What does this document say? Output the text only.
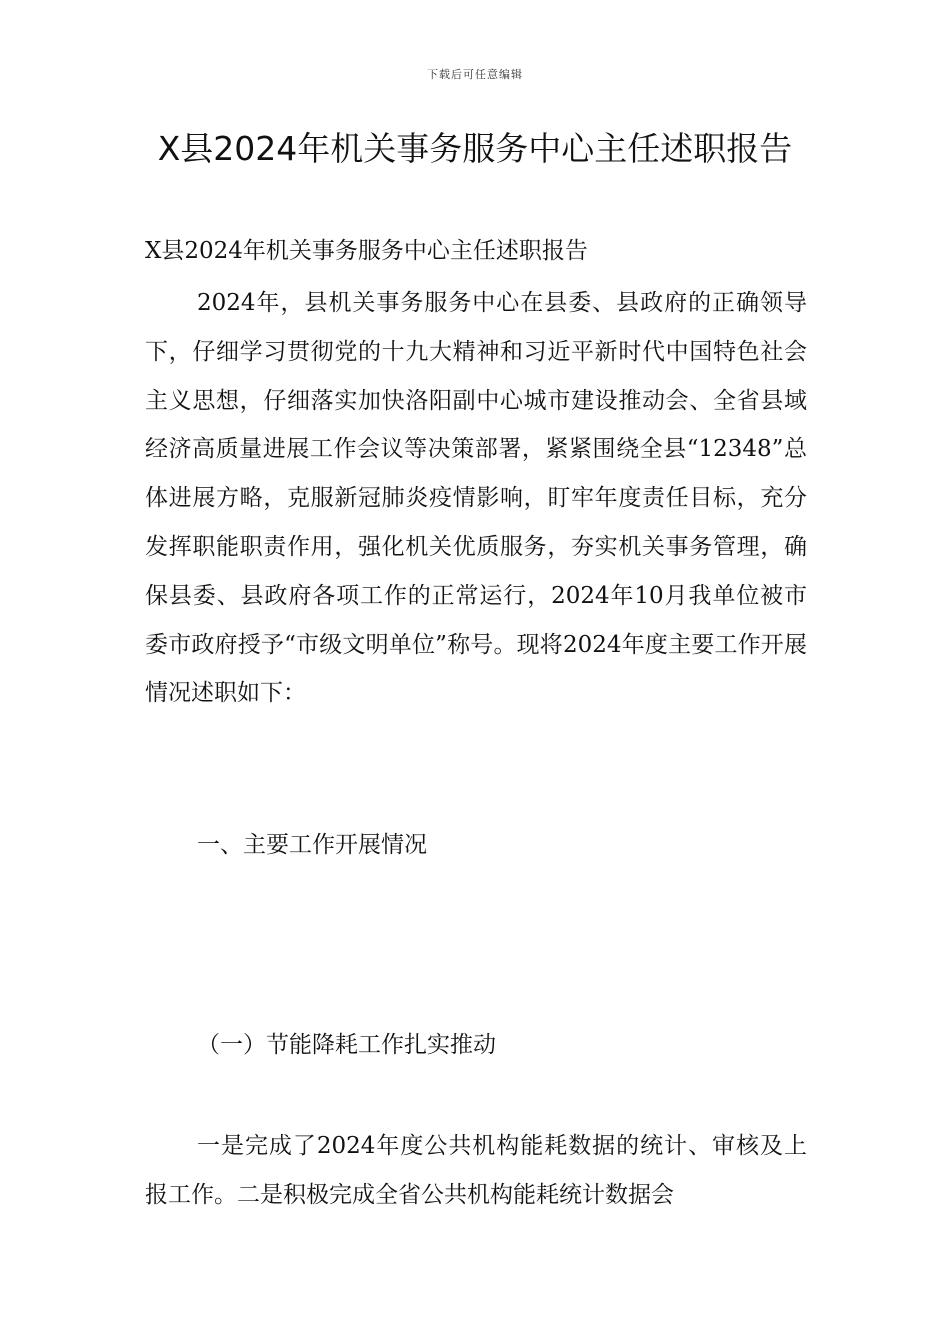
下载后可任意编辑
X县2024年机关事务服务中心主任述职报告

X县2024年机关事务服务中心主任述职报告

2024年，县机关事务服务中心在县委、县政府的正确领导下，仔细学习贯彻党的十九大精神和习近平新时代中国特色社会主义思想，仔细落实加快洛阳副中心城市建设推动会、全省县域经济高质量进展工作会议等决策部署，紧紧围绕全县“12348”总体进展方略，克服新冠肺炎疫情影响，盯牢年度责任目标，充分发挥职能职责作用，强化机关优质服务，夯实机关事务管理，确保县委、县政府各项工作的正常运行，2024年10月我单位被市委市政府授予“市级文明单位”称号。现将2024年度主要工作开展情况述职如下：

一、主要工作开展情况

（一）节能降耗工作扎实推动

一是完成了2024年度公共机构能耗数据的统计、审核及上报工作。二是积极完成全省公共机构能耗统计数据会
